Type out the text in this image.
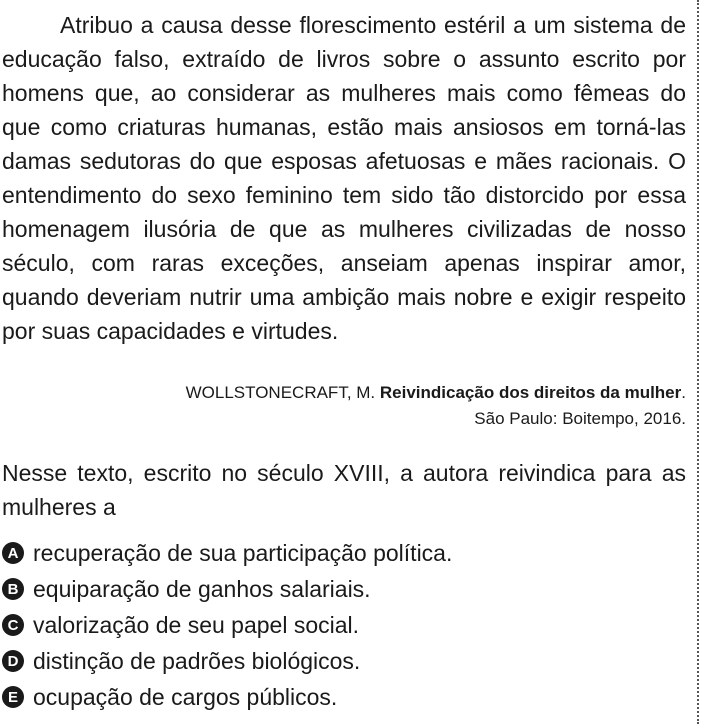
Atribuo a causa desse florescimento estéril a um sistema de educação falso, extraído de livros sobre o assunto escrito por homens que, ao considerar as mulheres mais como fêmeas do que como criaturas humanas, estão mais ansiosos em torná-las damas sedutoras do que esposas afetuosas e mães racionais. O entendimento do sexo feminino tem sido tão distorcido por essa homenagem ilusória de que as mulheres civilizadas de nosso século, com raras exceções, anseiam apenas inspirar amor, quando deveriam nutrir uma ambição mais nobre e exigir respeito por suas capacidades e virtudes.

WOLLSTONECRAFT, M. Reivindicação dos direitos da mulher.
São Paulo: Boitempo, 2016.

Nesse texto, escrito no século XVIII, a autora reivindica para as mulheres a

A recuperação de sua participação política.
B equiparação de ganhos salariais.
C valorização de seu papel social.
D distinção de padrões biológicos.
E ocupação de cargos públicos.
